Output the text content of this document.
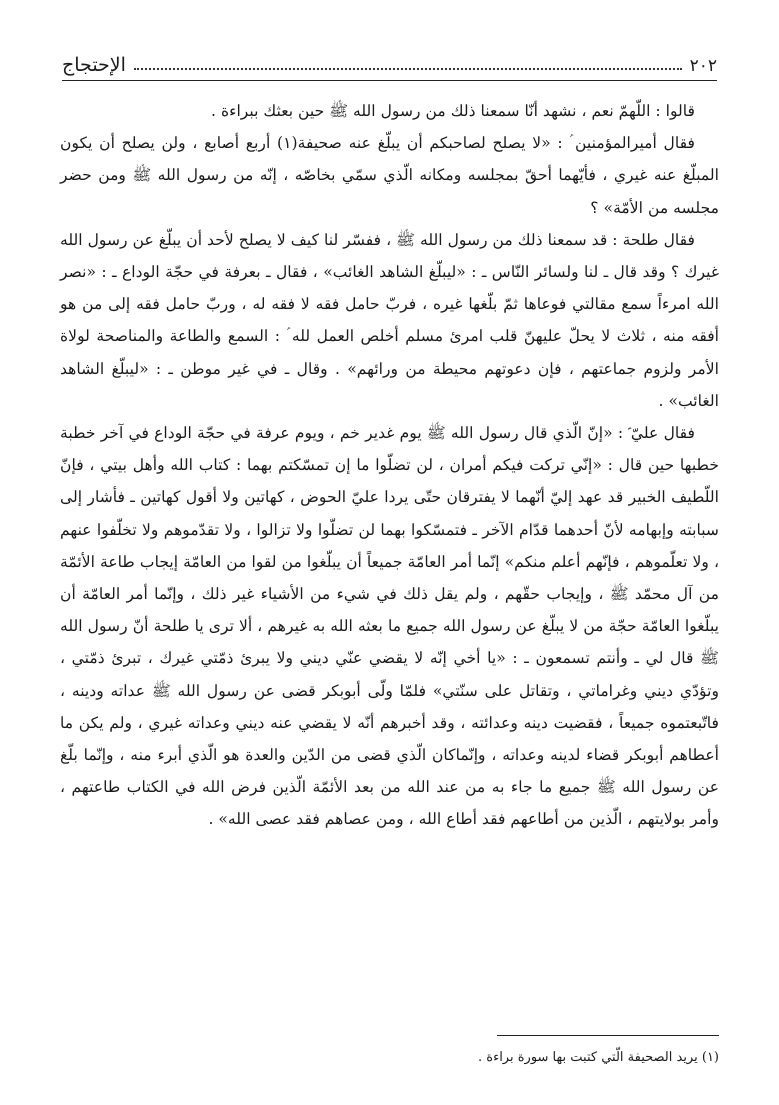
٢٠٢
الإحتجاج

قالوا : اللّهمّ نعم ، نشهد أنّا سمعنا ذلك من رسول الله ﷺ حين بعثك ببراءة .

فقال أميرالمؤمنين ؑ : «لا يصلح لصاحبكم أن يبلّغ عنه صحيفة(١) أربع أصابع ، ولن يصلح أن يكون المبلّغ عنه غيري ، فأيّهما أحقّ بمجلسه ومكانه الّذي سمّي بخاصّه ، إنّه من رسول الله ﷺ ومن حضر مجلسه من الأمّة» ؟

فقال طلحة : قد سمعنا ذلك من رسول الله ﷺ ، ففسّر لنا كيف لا يصلح لأحد أن يبلّغ عن رسول الله غيرك ؟ وقد قال ـ لنا ولسائر النّاس ـ : «ليبلّغ الشاهد الغائب» ، فقال ـ بعرفة في حجّة الوداع ـ : «نصر الله امرءاً سمع مقالتي فوعاها ثمّ بلّغها غيره ، فربّ حامل فقه لا فقه له ، وربّ حامل فقه إلى من هو أفقه منه ، ثلاث لا يحلّ عليهنّ قلب امرئ مسلم أخلص العمل لله ؑ : السمع والطاعة والمناصحة لولاة الأمر ولزوم جماعتهم ، فإن دعوتهم محيطة من ورائهم» . وقال ـ في غير موطن ـ : «ليبلّغ الشاهد الغائب» .

فقال عليّ ؑ : «إنّ الّذي قال رسول الله ﷺ يوم غدير خم ، ويوم عرفة في حجّة الوداع في آخر خطبة خطبها حين قال : «إنّي تركت فيكم أمران ، لن تضلّوا ما إن تمسّكتم بهما : كتاب الله وأهل بيتي ، فإنّ اللّطيف الخبير قد عهد إليّ أنّهما لا يفترقان حتّى يردا عليّ الحوض ، كهاتين ولا أقول كهاتين ـ فأشار إلى سبابته وإبهامه لأنّ أحدهما قدّام الآخر ـ فتمسّكوا بهما لن تضلّوا ولا تزالوا ، ولا تقدّموهم ولا تخلّفوا عنهم ، ولا تعلّموهم ، فإنّهم أعلم منكم» إنّما أمر العامّة جميعاً أن يبلّغوا من لقوا من العامّة إيجاب طاعة الأئمّة من آل محمّد ﷺ ، وإيجاب حقّهم ، ولم يقل ذلك في شيء من الأشياء غير ذلك ، وإنّما أمر العامّة أن يبلّغوا العامّة حجّة من لا يبلّغ عن رسول الله جميع ما بعثه الله به غيرهم ، ألا ترى يا طلحة أنّ رسول الله ﷺ قال لي ـ وأنتم تسمعون ـ : «يا أخي إنّه لا يقضي عنّي ديني ولا يبرئ ذمّتي غيرك ، تبرئ ذمّتي ، وتؤدّي ديني وغراماتي ، وتقاتل على سنّتي» فلمّا ولّى أبوبكر قضى عن رسول الله ﷺ عداته ودينه ، فاتّبعتموه جميعاً ، فقضيت دينه وعدائته ، وقد أخبرهم أنّه لا يقضي عنه ديني وعداته غيري ، ولم يكن ما أعطاهم أبوبكر قضاء لدينه وعداته ، وإنّماكان الّذي قضى من الدّين والعدة هو الّذي أبرء منه ، وإنّما بلّغ عن رسول الله ﷺ جميع ما جاء به من عند الله من بعد الأئمّة الّذين فرض الله في الكتاب طاعتهم ، وأمر بولايتهم ، الّذين من أطاعهم فقد أطاع الله ، ومن عصاهم فقد عصى الله» .

(١) يريد الصحيفة الّتي كتبت بها سورة براءة .
